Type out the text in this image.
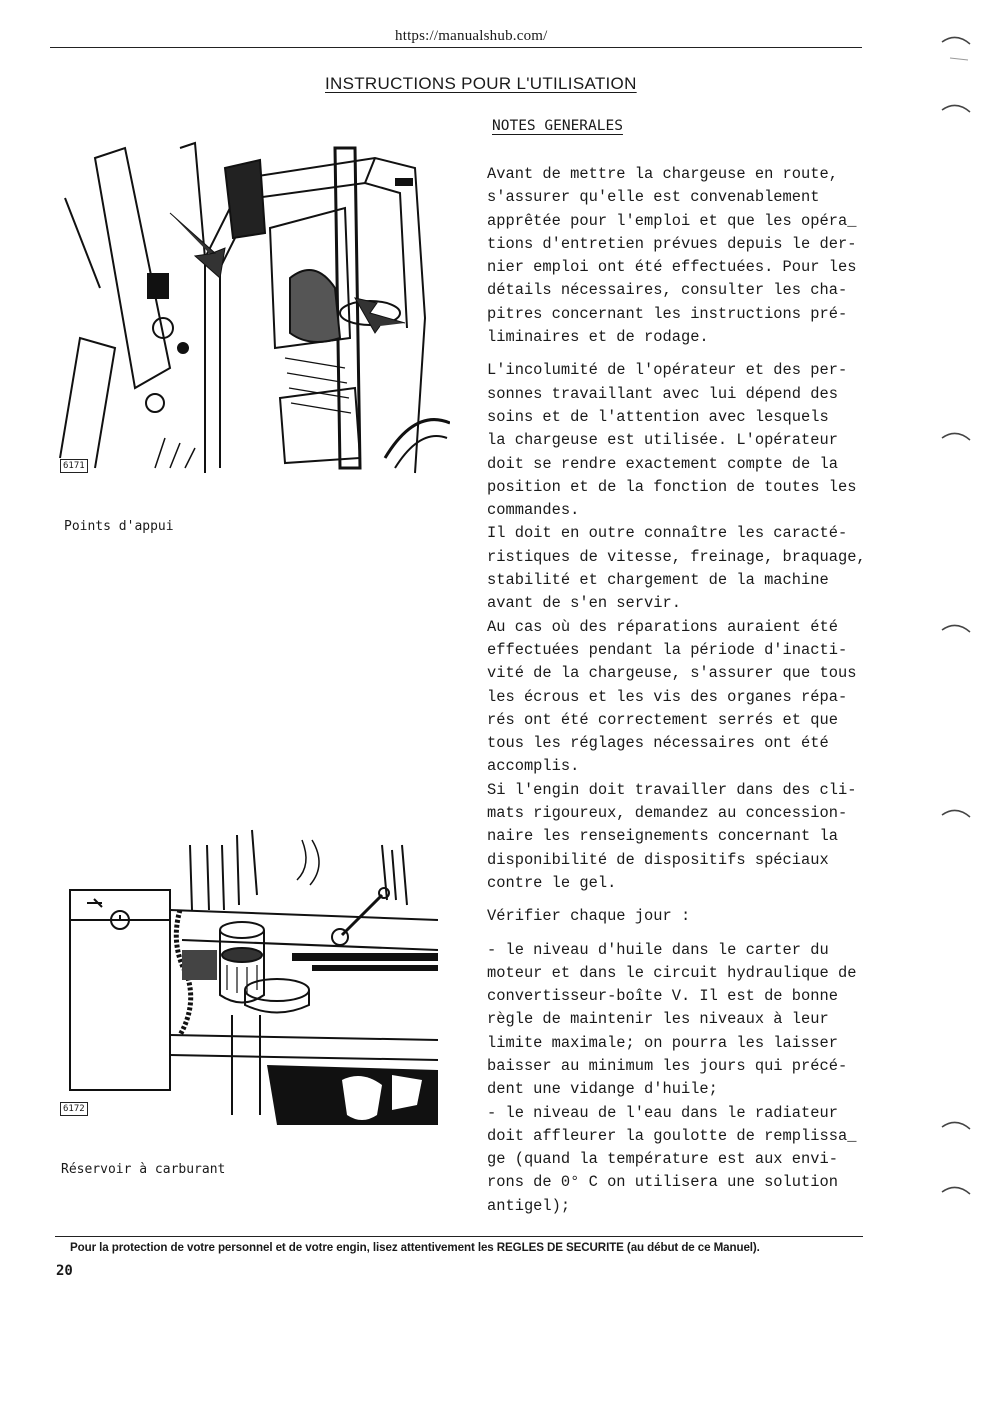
https://manualshub.com/
INSTRUCTIONS POUR L'UTILISATION
NOTES GENERALES
6171
Points d'appui
6172
Réservoir à carburant
Avant de mettre la chargeuse en route,
s'assurer qu'elle est convenablement
apprêtée pour l'emploi et que les opéra_
tions d'entretien prévues depuis le der-
nier emploi ont été effectuées. Pour les
détails nécessaires, consulter les cha-
pitres concernant les instructions pré-
liminaires et de rodage.
L'incolumité de l'opérateur et des per-
sonnes travaillant avec lui dépend des
soins et de l'attention avec lesquels
la chargeuse est utilisée. L'opérateur
doit se rendre exactement compte de la
position et de la fonction de toutes les
commandes.
Il doit en outre connaître les caracté-
ristiques de vitesse, freinage, braquage,
stabilité et chargement de la machine
avant de s'en servir.
Au cas où des réparations auraient été
effectuées pendant la période d'inacti-
vité de la chargeuse, s'assurer que tous
les écrous et les vis des organes répa-
rés ont été correctement serrés et que
tous les réglages nécessaires ont été
accomplis.
Si l'engin doit travailler dans des cli-
mats rigoureux, demandez au concession-
naire les renseignements concernant la
disponibilité de dispositifs spéciaux
contre le gel.
Vérifier chaque jour :
- le niveau d'huile dans le carter du
moteur et dans le circuit hydraulique de
convertisseur-boîte V. Il est de bonne
règle de maintenir les niveaux à leur
limite maximale; on pourra les laisser
baisser au minimum les jours qui précé-
dent une vidange d'huile;
- le niveau de l'eau dans le radiateur
doit affleurer la goulotte de remplissa_
ge (quand la température est aux envi-
rons de 0° C on utilisera une solution
antigel);
Pour la protection de votre personnel et de votre engin, lisez attentivement les REGLES DE SECURITE (au début de ce Manuel).
20
